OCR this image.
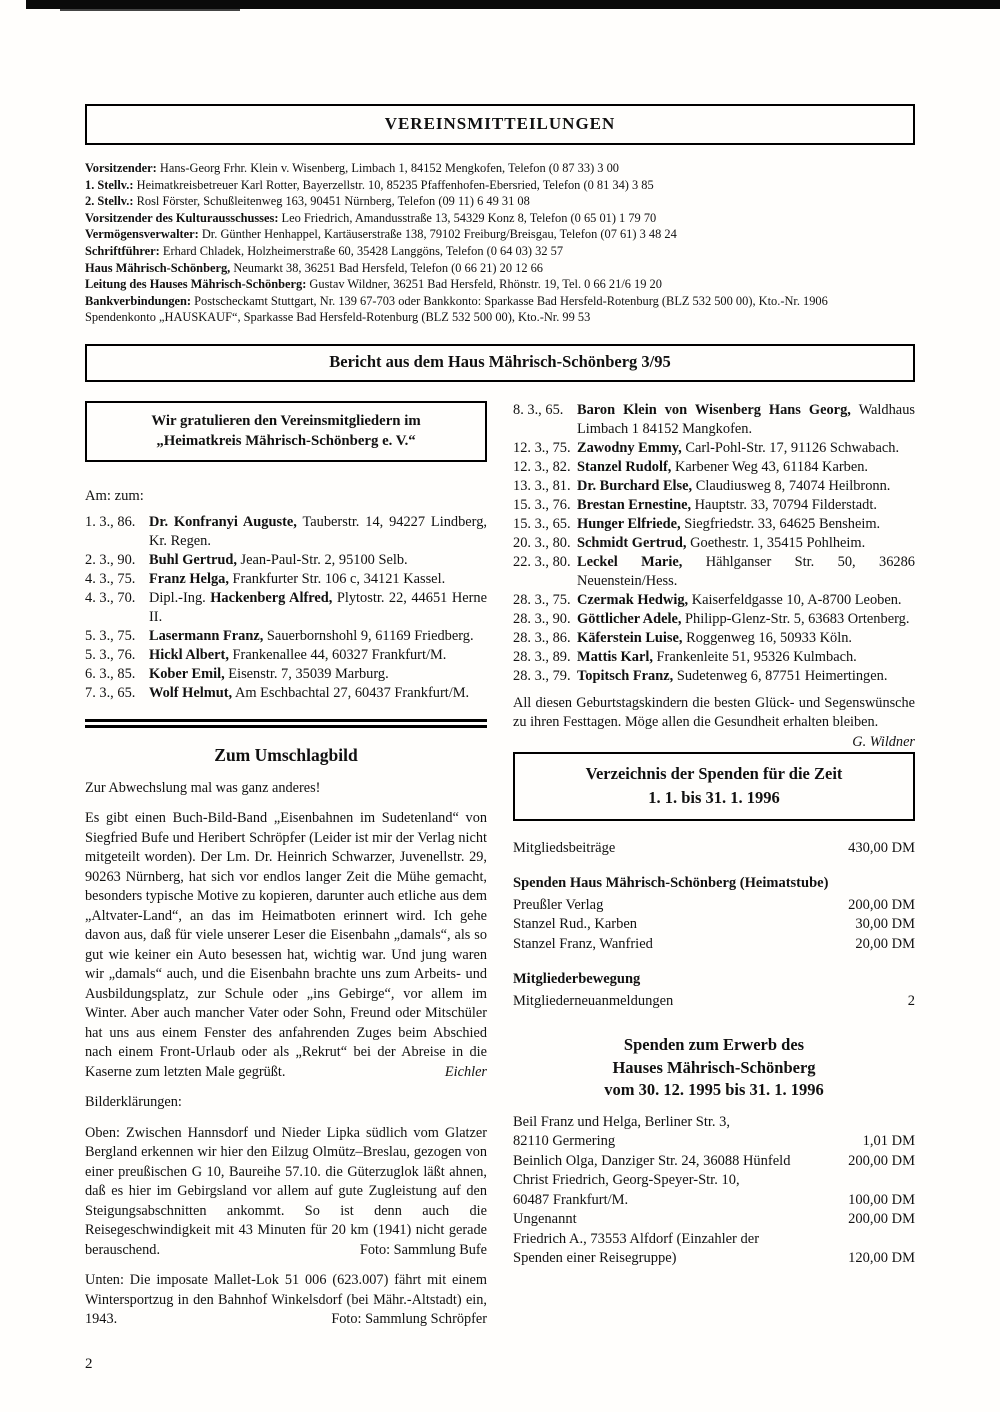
VEREINSMITTEILUNGEN
Vorsitzender: Hans-Georg Frhr. Klein v. Wisenberg, Limbach 1, 84152 Mengkofen, Telefon (0 87 33) 3 00
1. Stellv.: Heimatkreisbetreuer Karl Rotter, Bayerzellstr. 10, 85235 Pfaffenhofen-Ebersried, Telefon (0 81 34) 3 85
2. Stellv.: Rosl Förster, Schußleitenweg 163, 90451 Nürnberg, Telefon (09 11) 6 49 31 08
Vorsitzender des Kulturausschusses: Leo Friedrich, Amandusstraße 13, 54329 Konz 8, Telefon (0 65 01) 1 79 70
Vermögensverwalter: Dr. Günther Henhappel, Kartäuserstraße 138, 79102 Freiburg/Breisgau, Telefon (07 61) 3 48 24
Schriftführer: Erhard Chladek, Holzheimerstraße 60, 35428 Langgöns, Telefon (0 64 03) 32 57
Haus Mährisch-Schönberg, Neumarkt 38, 36251 Bad Hersfeld, Telefon (0 66 21) 20 12 66
Leitung des Hauses Mährisch-Schönberg: Gustav Wildner, 36251 Bad Hersfeld, Rhönstr. 19, Tel. 0 66 21/6 19 20
Bankverbindungen: Postscheckamt Stuttgart, Nr. 139 67-703 oder Bankkonto: Sparkasse Bad Hersfeld-Rotenburg (BLZ 532 500 00), Kto.-Nr. 1906
Spendenkonto „HAUSKAUF“, Sparkasse Bad Hersfeld-Rotenburg (BLZ 532 500 00), Kto.-Nr. 99 53
Bericht aus dem Haus Mährisch-Schönberg 3/95
Wir gratulieren den Vereinsmitgliedern im
„Heimatkreis Mährisch-Schönberg e. V.“
Am: zum:
1. 3., 86. Dr. Konfranyi Auguste, Tauberstr. 14, 94227 Lindberg, Kr. Regen.
2. 3., 90. Buhl Gertrud, Jean-Paul-Str. 2, 95100 Selb.
4. 3., 75. Franz Helga, Frankfurter Str. 106 c, 34121 Kassel.
4. 3., 70. Dipl.-Ing. Hackenberg Alfred, Plytostr. 22, 44651 Herne II.
5. 3., 75. Lasermann Franz, Sauerbornshohl 9, 61169 Friedberg.
5. 3., 76. Hickl Albert, Frankenallee 44, 60327 Frankfurt/M.
6. 3., 85. Kober Emil, Eisenstr. 7, 35039 Marburg.
7. 3., 65. Wolf Helmut, Am Eschbachtal 27, 60437 Frankfurt/M.
Zum Umschlagbild

Zur Abwechslung mal was ganz anderes!

Es gibt einen Buch-Bild-Band „Eisenbahnen im Sudetenland“ von Siegfried Bufe und Heribert Schröpfer (Leider ist mir der Verlag nicht mitgeteilt worden). Der Lm. Dr. Heinrich Schwarzer, Juvenellstr. 29, 90263 Nürnberg, hat sich vor endlos langer Zeit die Mühe gemacht, besonders typische Motive zu kopieren, darunter auch etliche aus dem „Altvater-Land“, an das im Heimatboten erinnert wird. Ich gehe davon aus, daß für viele unserer Leser die Eisenbahn „damals“, als so gut wie keiner ein Auto besessen hat, wichtig war. Und jung waren wir „damals“ auch, und die Eisenbahn brachte uns zum Arbeits- und Ausbildungsplatz, zur Schule oder „ins Gebirge“, vor allem im Winter. Aber auch mancher Vater oder Sohn, Freund oder Mitschüler hat uns aus einem Fenster des anfahrenden Zuges beim Abschied nach einem Front-Urlaub oder als „Rekrut“ bei der Abreise in die Kaserne zum letzten Male gegrüßt.	Eichler

Bilderklärungen:

Oben: Zwischen Hannsdorf und Nieder Lipka südlich vom Glatzer Bergland erkennen wir hier den Eilzug Olmütz–Breslau, gezogen von einer preußischen G 10, Baureihe 57.10. die Güterzuglok läßt ahnen, daß es hier im Gebirgsland vor allem auf gute Zugleistung auf den Steigungsabschnitten ankommt. So ist denn auch die Reisegeschwindigkeit mit 43 Minuten für 20 km (1941) nicht gerade berauschend.	Foto: Sammlung Bufe

Unten: Die imposate Mallet-Lok 51 006 (623.007) fährt mit einem Wintersportzug in den Bahnhof Winkelsdorf (bei Mähr.-Altstadt) ein, 1943.	Foto: Sammlung Schröpfer

8. 3., 65. Baron Klein von Wisenberg Hans Georg, Waldhaus Limbach 1 84152 Mangkofen.
12. 3., 75. Zawodny Emmy, Carl-Pohl-Str. 17, 91126 Schwabach.
12. 3., 82. Stanzel Rudolf, Karbener Weg 43, 61184 Karben.
13. 3., 81. Dr. Burchard Else, Claudiusweg 8, 74074 Heilbronn.
15. 3., 76. Brestan Ernestine, Hauptstr. 33, 70794 Filderstadt.
15. 3., 65. Hunger Elfriede, Siegfriedstr. 33, 64625 Bensheim.
20. 3., 80. Schmidt Gertrud, Goethestr. 1, 35415 Pohlheim.
22. 3., 80. Leckel Marie, Hählganser Str. 50, 36286 Neuenstein/Hess.
28. 3., 75. Czermak Hedwig, Kaiserfeldgasse 10, A-8700 Leoben.
28. 3., 90. Göttlicher Adele, Philipp-Glenz-Str. 5, 63683 Ortenberg.
28. 3., 86. Käferstein Luise, Roggenweg 16, 50933 Köln.
28. 3., 89. Mattis Karl, Frankenleite 51, 95326 Kulmbach.
28. 3., 79. Topitsch Franz, Sudetenweg 6, 87751 Heimertingen.

All diesen Geburtstagskindern die besten Glück- und Segenswünsche zu ihren Festtagen. Möge allen die Gesundheit erhalten bleiben.
G. Wildner

Verzeichnis der Spenden für die Zeit
1. 1. bis 31. 1. 1996
Mitgliedsbeiträge	430,00 DM
Spenden Haus Mährisch-Schönberg (Heimatstube)
Preußler Verlag	200,00 DM
Stanzel Rud., Karben	30,00 DM
Stanzel Franz, Wanfried	20,00 DM
Mitgliederbewegung
Mitgliederneuanmeldungen	2
Spenden zum Erwerb des
Hauses Mährisch-Schönberg
vom 30. 12. 1995 bis 31. 1. 1996
Beil Franz und Helga, Berliner Str. 3,
82110 Germering	1,01 DM
Beinlich Olga, Danziger Str. 24, 36088 Hünfeld	200,00 DM
Christ Friedrich, Georg-Speyer-Str. 10,
60487 Frankfurt/M.	100,00 DM
Ungenannt	200,00 DM
Friedrich A., 73553 Alfdorf (Einzahler der
Spenden einer Reisegruppe)	120,00 DM
2
